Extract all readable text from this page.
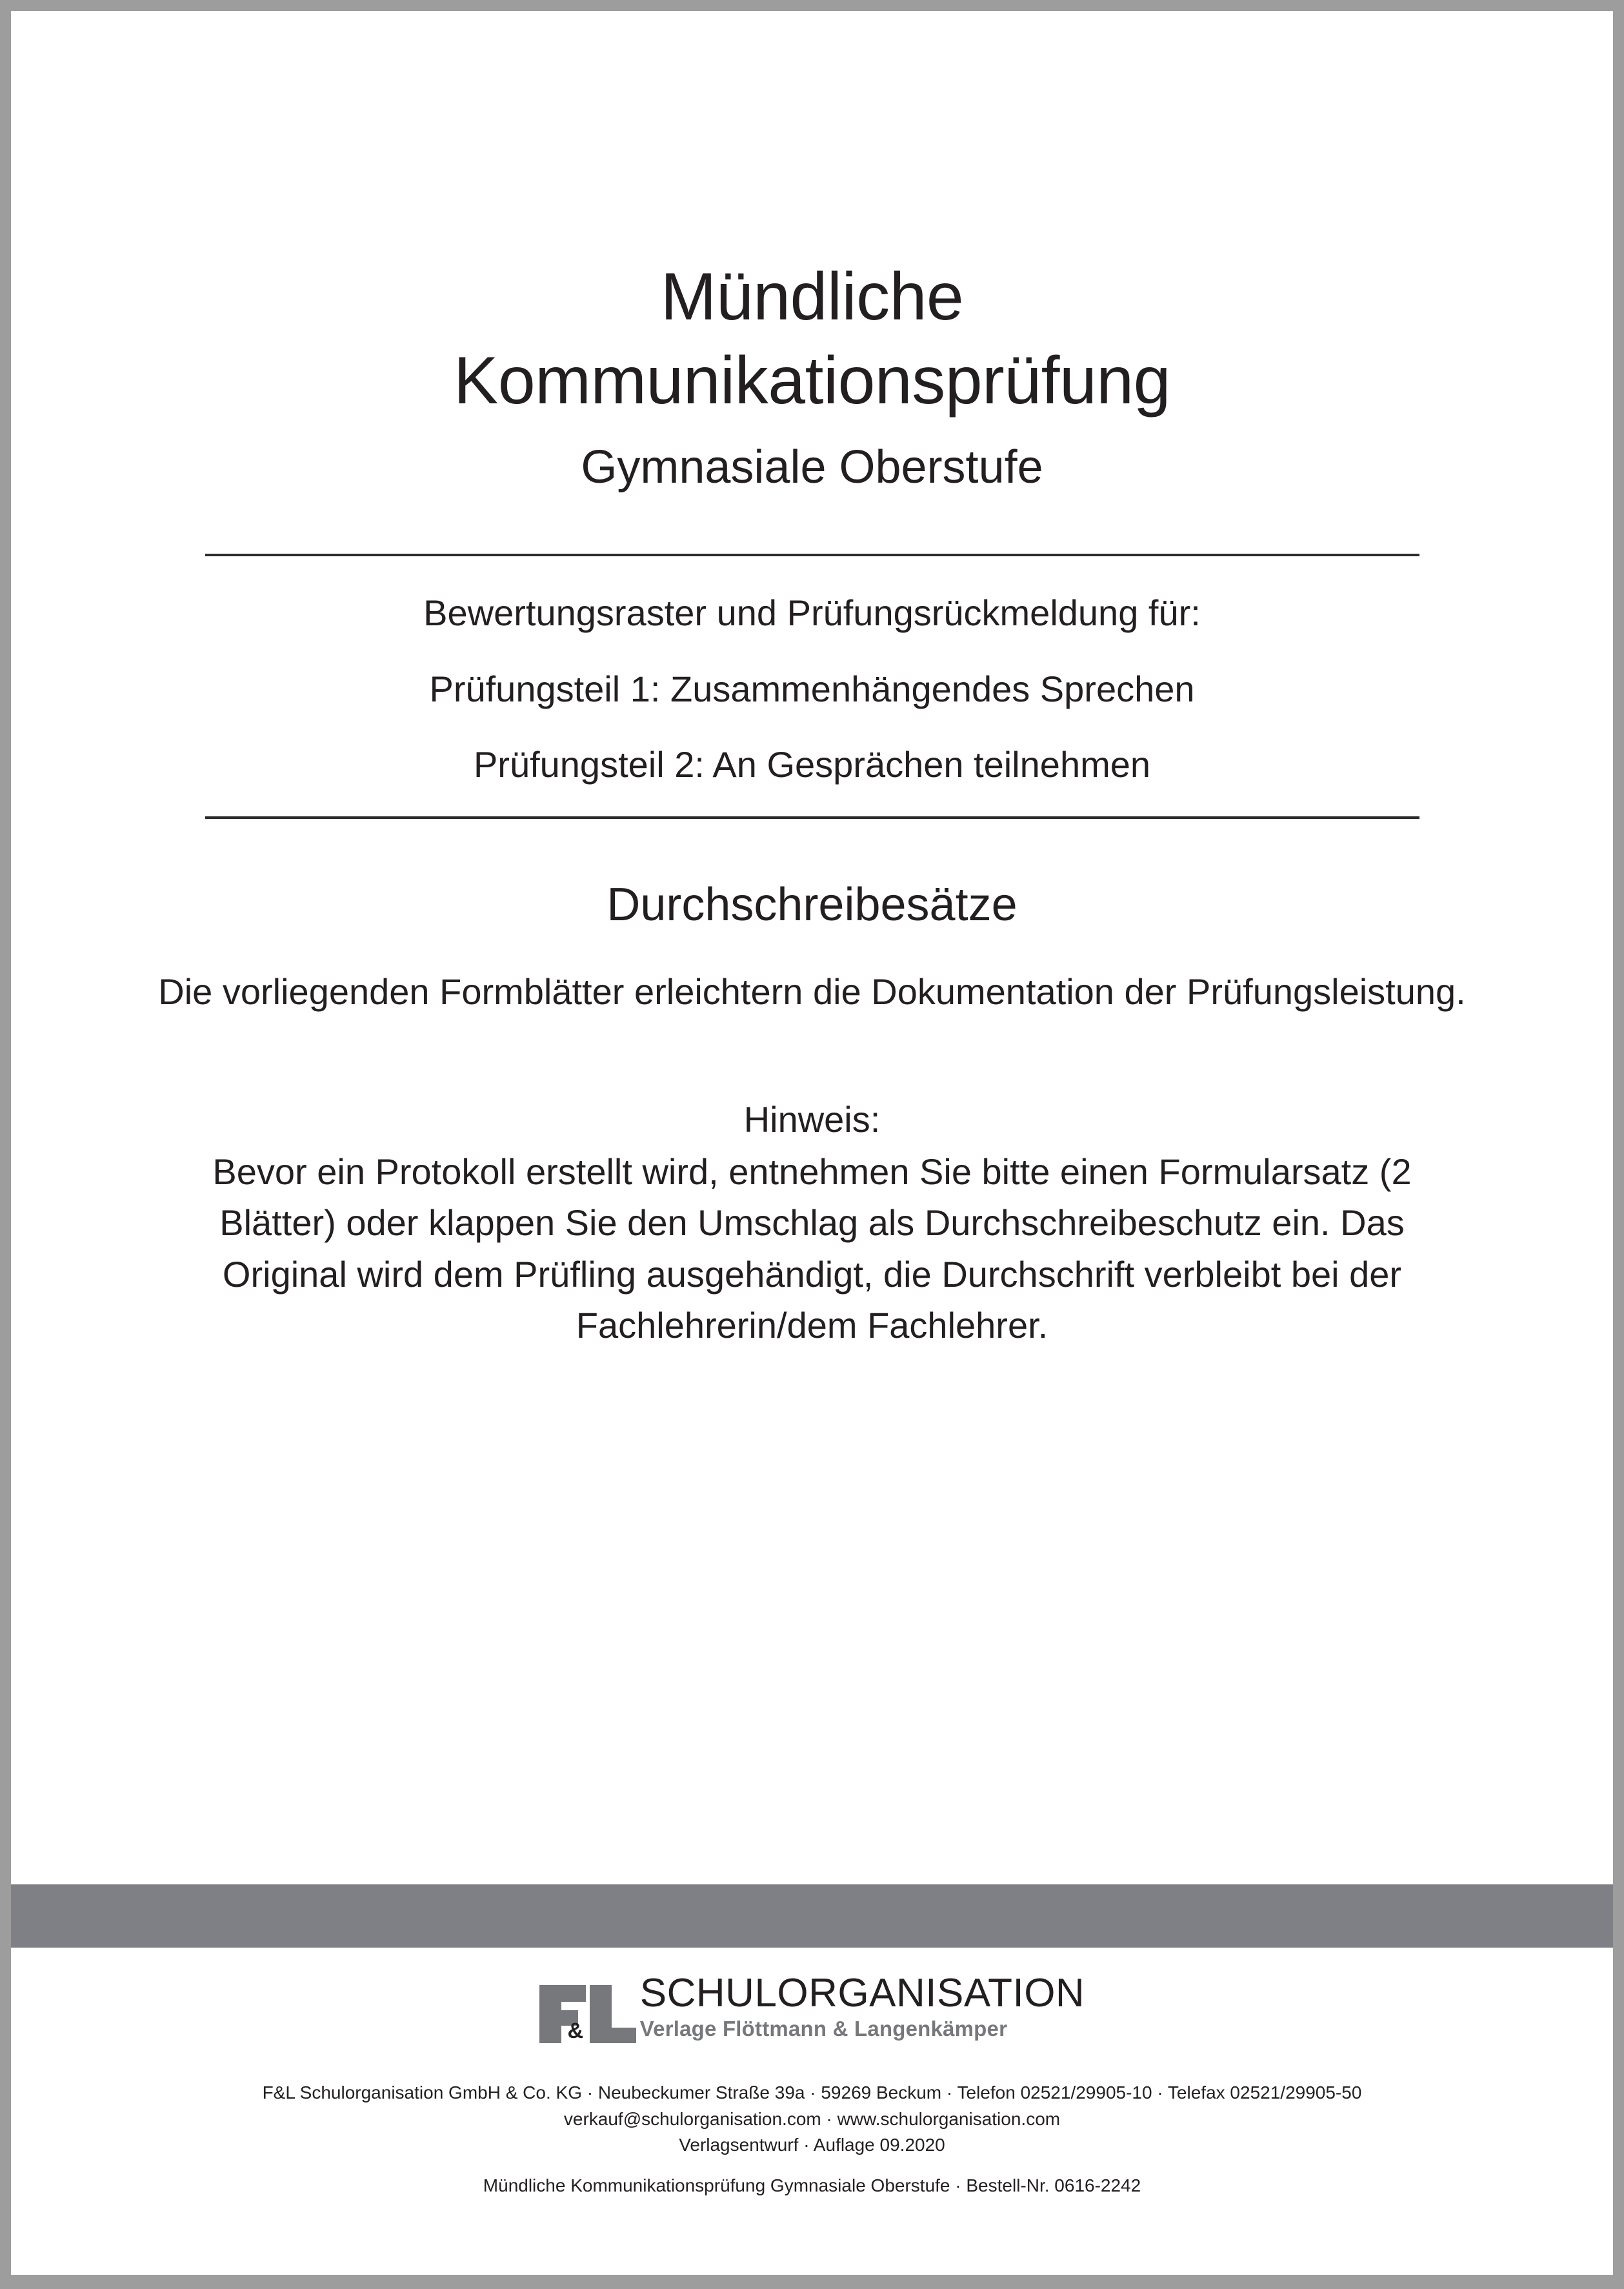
Mündliche
Kommunikationsprüfung

Gymnasiale Oberstufe

Bewertungsraster und Prüfungsrückmeldung für:

Prüfungsteil 1: Zusammenhängendes Sprechen

Prüfungsteil 2: An Gesprächen teilnehmen

Durchschreibesätze

Die vorliegenden Formblätter erleichtern die Dokumentation der Prüfungsleistung.

Hinweis:

Bevor ein Protokoll erstellt wird, entnehmen Sie bitte einen Formularsatz (2 Blätter) oder klappen Sie den Umschlag als Durchschreibeschutz ein. Das Original wird dem Prüfling ausgehändigt, die Durchschrift verbleibt bei der Fachlehrerin/dem Fachlehrer.

&
SCHULORGANISATION
Verlage Flöttmann & Langenkämper
F&L Schulorganisation GmbH & Co. KG · Neubeckumer Straße 39a · 59269 Beckum · Telefon 02521/29905-10 · Telefax 02521/29905-50
verkauf@schulorganisation.com · www.schulorganisation.com
Verlagsentwurf · Auflage 09.2020
Mündliche Kommunikationsprüfung Gymnasiale Oberstufe · Bestell-Nr. 0616-2242
